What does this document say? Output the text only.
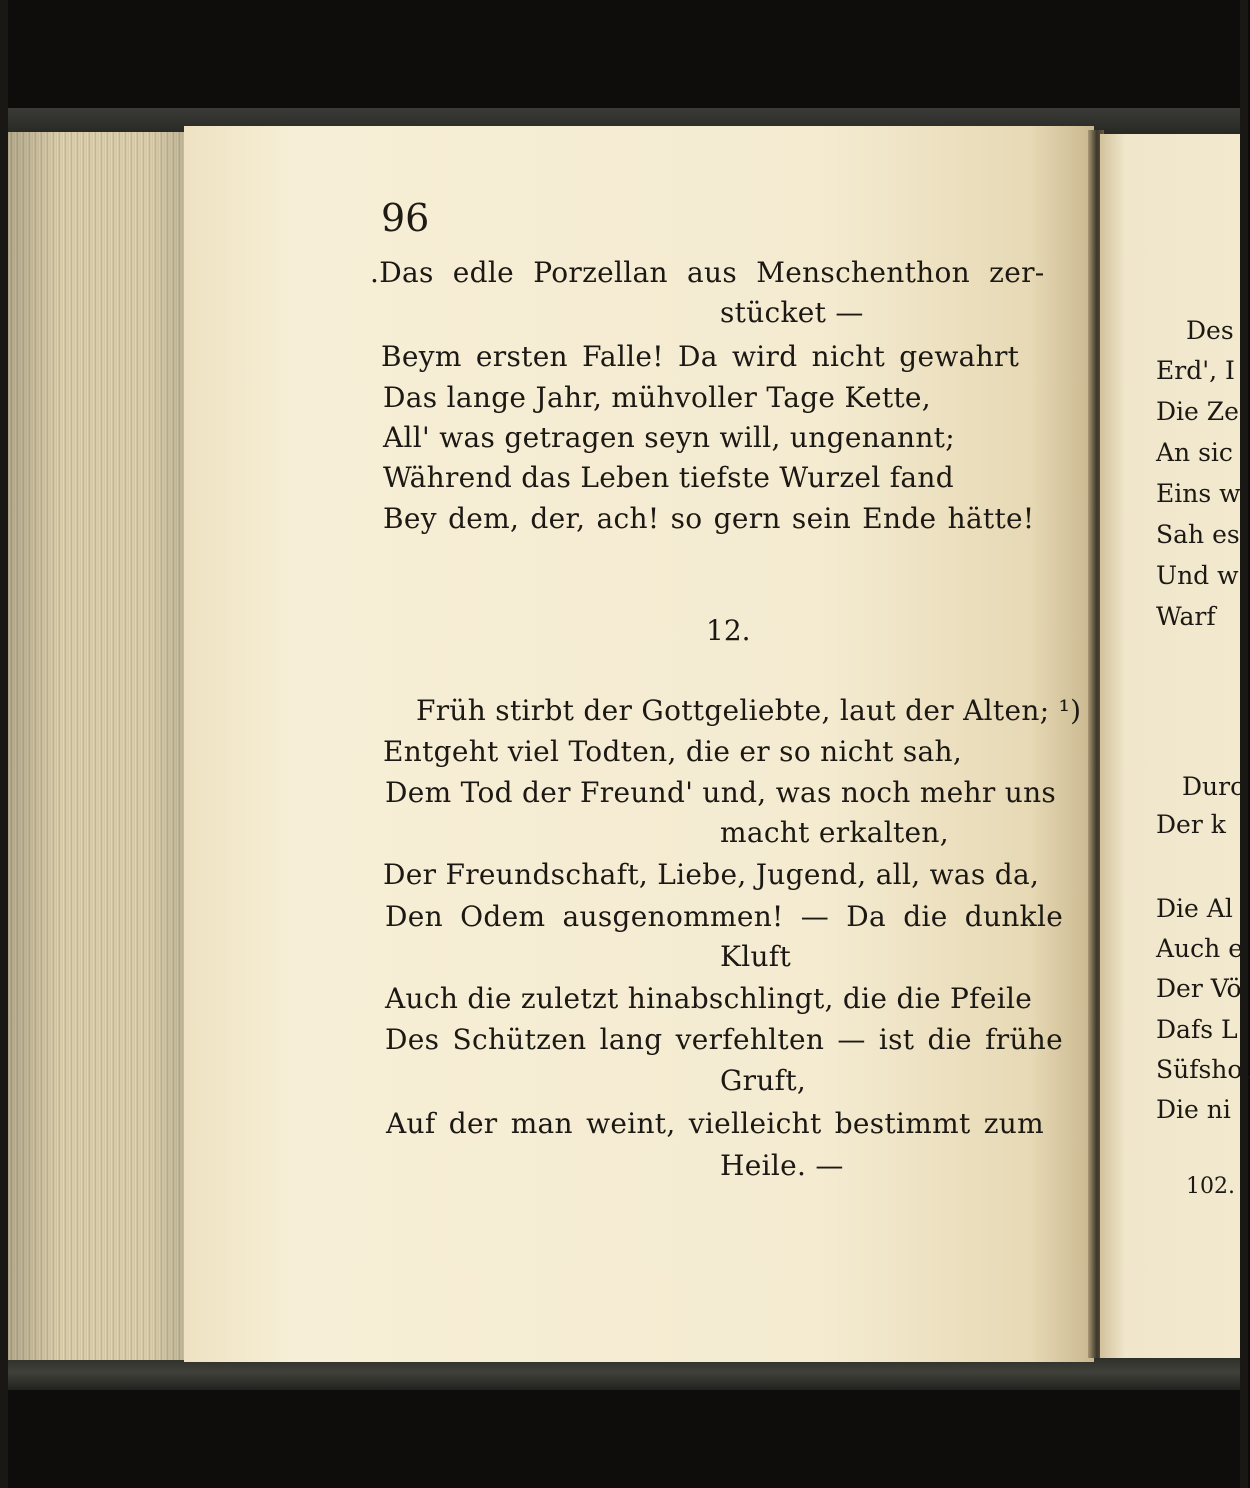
96
.Das edle Porzellan aus Menschenthon zer-
stücket —
Beym ersten Falle! Da wird nicht gewahrt
Das lange Jahr, mühvoller Tage Kette,
All' was getragen seyn will, ungenannt;
Während das Leben tiefste Wurzel fand
Bey dem, der, ach! so gern sein Ende hätte!
12.
Früh stirbt der Gottgeliebte, laut der Alten; ¹)
Entgeht viel Todten, die er so nicht sah,
Dem Tod der Freund' und, was noch mehr uns
macht erkalten,
Der Freundschaft, Liebe, Jugend, all, was da,
Den Odem ausgenommen! — Da die dunkle
Kluft
Auch die zuletzt hinabschlingt, die die Pfeile
Des Schützen lang verfehlten — ist die frühe
Gruft,
Auf der man weint, vielleicht bestimmt zum
Heile. —
Des
Erd', I
Die Ze
An sic
Eins w
Sah es
Und w
Warf
Durc
Der k
Die Al
Auch e
Der Vö
Dafs L
Süfshol
Die ni
102.
